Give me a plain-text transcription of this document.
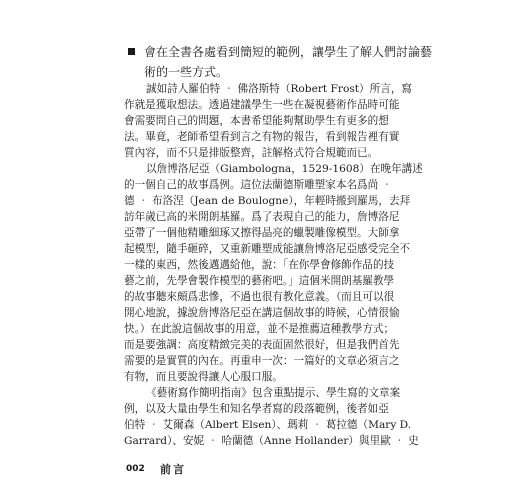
會在全書各處看到簡短的範例，讓學生了解人們討論藝
術的一些方式。
誠如詩人羅伯特 ‧ 佛洛斯特（Robert Frost）所言，寫
作就是獲取想法。透過建議學生一些在凝視藝術作品時可能
會需要問自己的問題，本書希望能夠幫助學生有更多的想
法。畢竟，老師希望看到言之有物的報告，看到報告裡有實
質內容，而不只是排版整齊，註解格式符合規範而已。
以詹博洛尼亞（Giambologna，1529-1608）在晚年講述
的一個自己的故事爲例。這位法蘭德斯雕塑家本名爲尚 ‧
德 ‧ 布洛涅（Jean de Boulogne），年輕時搬到羅馬，去拜
訪年歲已高的米開朗基羅。爲了表現自己的能力，詹博洛尼
亞帶了一個他精雕細琢又擦得晶亮的蠟製雕像模型。大師拿
起模型，隨手砸碎，又重新雕塑成能讓詹博洛尼亞感受完全不
一樣的東西，然後邁邁給他，說：「在你學會修飾作品的技
藝之前，先學會製作模型的藝術吧。」這個米開朗基羅教學
的故事聽來頗爲悲慘，不過也很有教化意義。（而且可以很
開心地說，據說詹博洛尼亞在講這個故事的時候，心情很愉
快。）在此說這個故事的用意，並不是推薦這種教學方式；
而是要強調：高度精緻完美的表面固然很好，但是我們首先
需要的是實質的內在。再重申一次：一篇好的文章必須言之
有物，而且要說得讓人心服口服。
《藝術寫作簡明指南》包含重點提示、學生寫的文章案
例，以及大量由學生和知名學者寫的段落範例，後者如亞
伯特 ‧ 艾爾森（Albert Elsen）、瑪莉 ‧ 葛拉德（Mary D.
Garrard）、安妮 ‧ 哈蘭德（Anne Hollander）與里歐 ‧ 史
002 前言
